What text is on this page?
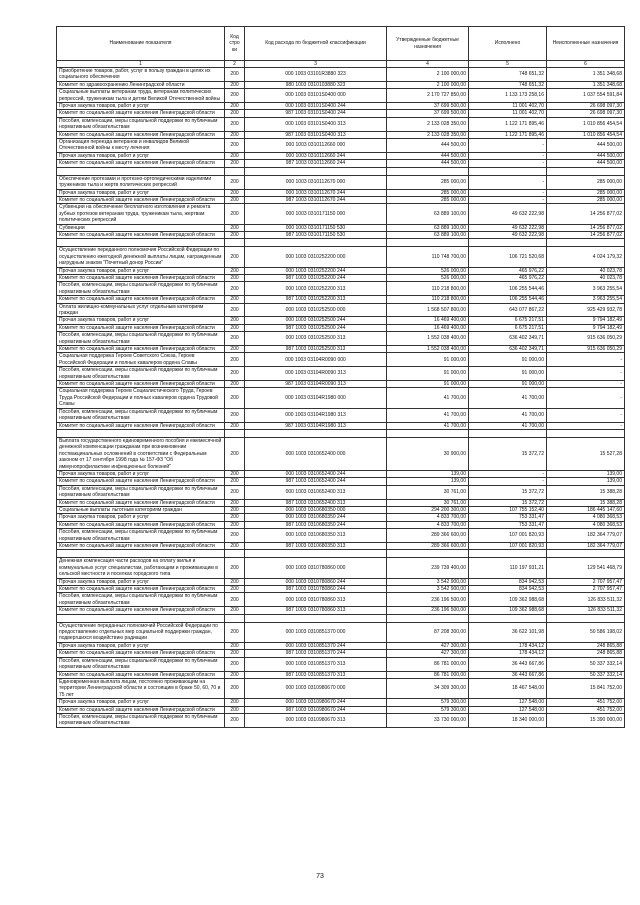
Наименование показателя	Код стро ки	Код расхода по бюджетной классификации	Утвержденные бюджетные назначения	Исполнено	Неисполненные назначения
1	2	3	4	5	6
Приобретение товаров, работ, услуг в пользу граждан в целях их социального обеспечения	200	000 1003 03101R3880 323	2 100 000,00	748 651,32	1 351 348,68
Комитет по здравоохранению Ленинградской области	200	980 1003 0310103880 323	2 100 000,00	748 651,32	1 351 348,68
Социальные выплаты ветеранам труда, ветеранам политических репрессий, труженикам тыла и детям Великой Отечественной войны	200	000 1003 03101S0400 000	2 170 727 850,00	1 133 173 258,16	1 037 554 591,84
Прочая закупка товаров, работ и услуг	200	000 1003 03101S0400 244	37 699 500,00	11 001 402,70	26 698 097,30
Комитет по социальной защите населения Ленинградской области	200	987 1003 03101S0400 244	37 699 500,00	11 001 402,70	26 698 097,30
Пособия, компенсации, меры социальной поддержки по публичным нормативным обязательствам	200	000 1003 03101S0400 313	2 133 028 350,00	1 122 171 895,46	1 010 856 454,54
Комитет по социальной защите населения Ленинградской области	200	987 1003 03101S0400 313	2 133 028 350,00	1 122 171 895,46	1 010 856 454,54
Организация переезда ветеранов и инвалидов Великой Отечественной войны к месту лечения	200	000 1003 0310112660 000	444 500,00	-	444 500,00
Прочая закупка товаров, работ и услуг	200	000 1003 0310112660 244	444 500,00	-	444 500,00
Комитет по социальной защите населения Ленинградской области	200	987 1003 0310112660 244	444 500,00	-	444 500,00

Обеспечение протезами и протезно-ортопедическими изделиями тружеников тыла и жертв политических репрессий	200	000 1003 0310112670 000	285 000,00	-	285 000,00
Прочая закупка товаров, работ и услуг	200	000 1003 0310112670 244	285 000,00	-	285 000,00
Комитет по социальной защите населения Ленинградской области	200	987 1003 0310112670 244	285 000,00	-	285 000,00
Субвенции на обеспечение бесплатного изготовления и ремонта зубных протезов ветеранам труда, труженикам тыла, жертвам политических репрессий	200	000 1003 0310171150 000	63 889 100,00	49 632 222,98	14 256 877,02
Субвенции	200	000 1003 0310171150 530	63 889 100,00	49 632 222,98	14 256 877,02
Комитет по социальной защите населения Ленинградской области	200	987 1003 0310171150 530	63 889 100,00	49 632 222,98	14 256 877,02

Осуществление переданного полномочия Российской Федерации по осуществлению ежегодной денежной выплаты лицам, награжденным нагрудным знаком "Почетный донор России"	200	000 1003 0310252200 000	110 748 700,00	106 721 520,68	4 024 179,32
Прочая закупка товаров, работ и услуг	200	000 1003 0310252200 244	526 000,00	465 976,22	40 023,78
Комитет по социальной защите населения Ленинградской области	200	987 1003 0310252200 244	526 000,00	465 976,22	40 023,78
Пособия, компенсации, меры социальной поддержки по публичным нормативным обязательствам	200	000 1003 0310252200 313	110 218 800,00	106 255 544,46	3 963 255,54
Комитет по социальной защите населения Ленинградской области	200	987 1003 0310252200 313	110 218 800,00	106 255 544,46	3 963 255,54
Оплата жилищно-коммунальных услуг отдельным категориям граждан	200	000 1003 0310252500 000	1 568 507 800,00	643 077 867,22	925 429 932,78
Прочая закупка товаров, работ и услуг	200	000 1003 0310252500 244	16 469 400,00	6 675 217,51	9 794 182,49
Комитет по социальной защите населения Ленинградской области	200	987 1003 0310252500 244	16 469 400,00	6 675 217,51	9 794 182,49
Пособия, компенсации, меры социальной поддержки по публичным нормативным обязательствам	200	000 1003 0310252500 313	1 552 038 400,00	636 402 349,71	915 636 050,29
Комитет по социальной защите населения Ленинградской области	200	987 1003 0310252500 313	1 552 038 400,00	636 402 349,71	915 636 050,29
Социальная поддержка Героев Советского Союза, Героев Российской Федерации и полных кавалеров ордена Славы	200	000 1003 03104R0090 000	91 000,00	91 000,00	-
Пособия, компенсации, меры социальной поддержки по публичным нормативным обязательствам	200	000 1003 03104R0090 313	91 000,00	91 000,00	-
Комитет по социальной защите населения Ленинградской области	200	987 1003 03104R0090 313	91 000,00	91 000,00	-
Социальная поддержка Героев Социалистического Труда, Героев Труда Российской Федерации и полных кавалеров ордена Трудовой Славы	200	000 1003 03104R1980 000	41 700,00	41 700,00	-
Пособия, компенсации, меры социальной поддержки по публичным нормативным обязательствам	200	000 1003 03104R1980 313	41 700,00	41 700,00	-
Комитет по социальной защите населения Ленинградской области	200	987 1003 03104R1980 313	41 700,00	41 700,00	-

Выплата государственного единовременного пособия и ежемесячной денежной компенсации гражданам при возникновении поствакцинальных осложнений в соответствии с Федеральным законом от 17 сентября 1998 года № 157-ФЗ "Об иммунопрофилактике инфекционных болезней"	200	000 1003 0310652400 000	30 900,00	15 372,72	15 527,28
Прочая закупка товаров, работ и услуг	200	000 1003 0310652400 244	139,00	-	139,00
Комитет по социальной защите населения Ленинградской области	200	987 1003 0310652400 244	139,00	-	139,00
Пособия, компенсации, меры социальной поддержки по публичным нормативным обязательствам	200	000 1003 0310652400 313	30 761,00	15 372,72	15 388,28
Комитет по социальной защите населения Ленинградской области	200	987 1003 0310652400 313	30 761,00	15 372,72	15 388,28
Социальные выплаты льготным категориям граждан	200	000 1003 0310680350 000	294 200 300,00	107 755 152,40	186 445 147,60
Прочая закупка товаров, работ и услуг	200	000 1003 0310680350 244	4 833 700,00	753 331,47	4 080 368,53
Комитет по социальной защите населения Ленинградской области	200	987 1003 0310680350 244	4 833 700,00	753 331,47	4 080 368,53
Пособия, компенсации, меры социальной поддержки по публичным нормативным обязательствам	200	000 1003 0310680350 313	289 366 600,00	107 001 820,93	182 364 779,07
Комитет по социальной защите населения Ленинградской области	200	987 1003 0310680350 313	289 366 600,00	107 001 820,93	182 364 779,07

Денежная компенсация части расходов на оплату жилья и коммунальных услуг специалистам, работающим и проживающим в сельской местности и поселках городского типа	200	000 1003 0310780860 000	239 739 400,00	110 197 931,21	129 541 468,79
Прочая закупка товаров, работ и услуг	200	000 1003 0310780860 244	3 542 900,00	834 942,53	2 707 957,47
Комитет по социальной защите населения Ленинградской области	200	987 1003 0310780860 244	3 542 900,00	834 942,53	2 707 957,47
Пособия, компенсации, меры социальной поддержки по публичным нормативным обязательствам	200	000 1003 0310780860 313	236 196 500,00	109 362 988,68	126 833 511,32
Комитет по социальной защите населения Ленинградской области	200	987 1003 0310780860 313	236 196 500,00	109 362 988,68	126 833 511,32

Осуществление переданных полномочий Российской Федерации по предоставлению отдельных мер социальной поддержки граждан, подвергшихся воздействию радиации	200	000 1003 0310851370 000	87 208 300,00	36 622 101,98	50 586 198,02
Прочая закупка товаров, работ и услуг	200	000 1003 0310851370 244	427 300,00	178 434,12	248 865,88
Комитет по социальной защите населения Ленинградской области	200	987 1003 0310851370 244	427 300,00	178 434,12	248 865,88
Пособия, компенсации, меры социальной поддержки по публичным нормативным обязательствам	200	000 1003 0310851370 313	86 781 000,00	36 443 667,86	50 337 332,14
Комитет по социальной защите населения Ленинградской области	200	987 1003 0310851370 313	86 781 000,00	36 443 667,86	50 337 332,14
Единовременная выплата лицам, постоянно проживающим на территории Ленинградской области и состоящим в браке 50, 60, 70 и 75 лет	200	000 1003 0310980670 000	34 309 300,00	18 467 548,00	15 841 752,00
Прочая закупка товаров, работ и услуг	200	000 1003 0310980670 244	579 300,00	127 548,00	451 752,00
Комитет по социальной защите населения Ленинградской области	200	987 1003 0310980670 244	579 300,00	127 548,00	451 752,00
Пособия, компенсации, меры социальной поддержки по публичным нормативным обязательствам	200	000 1003 0310980670 313	33 730 000,00	18 340 000,00	15 390 000,00
73
